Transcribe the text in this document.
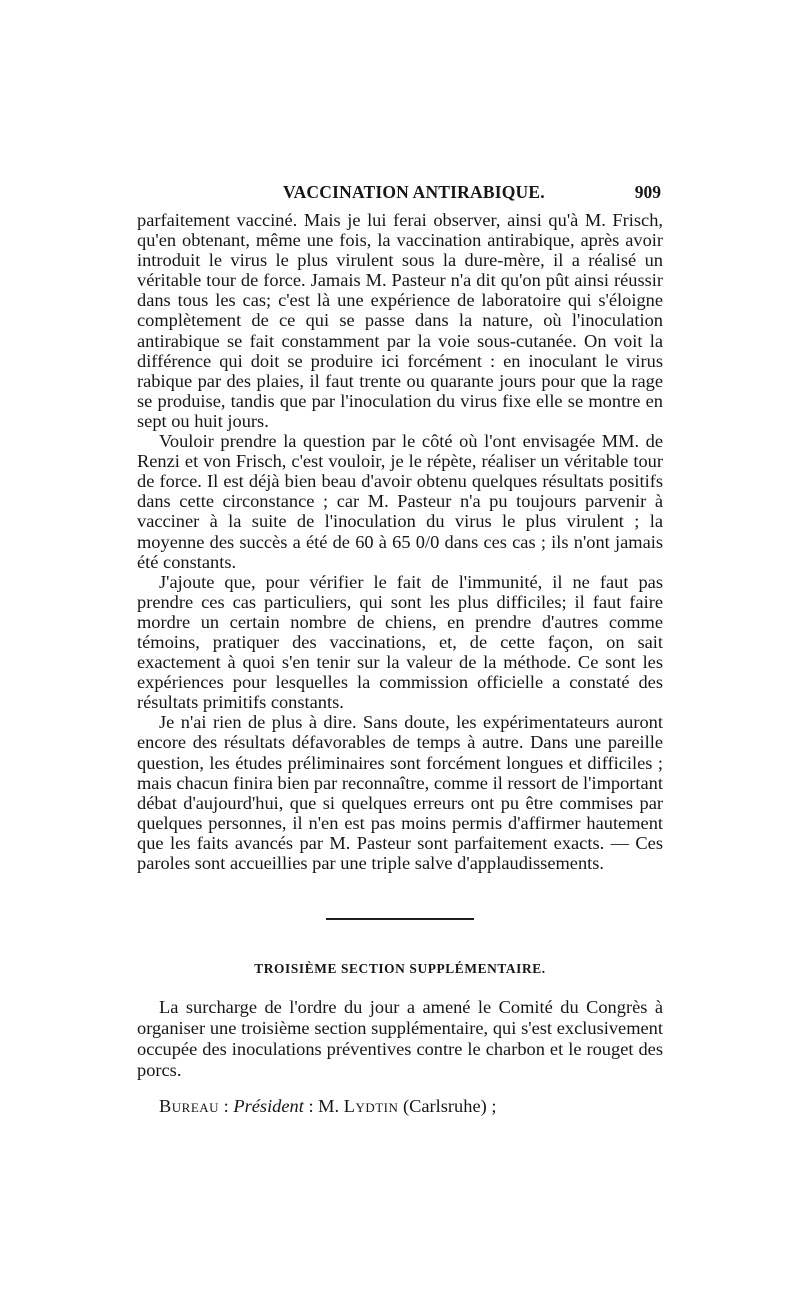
VACCINATION ANTIRABIQUE.	909

parfaitement vacciné. Mais je lui ferai observer, ainsi qu'à M. Frisch, qu'en obtenant, même une fois, la vaccination antirabique, après avoir introduit le virus le plus virulent sous la dure-mère, il a réalisé un véritable tour de force. Jamais M. Pasteur n'a dit qu'on pût ainsi réussir dans tous les cas; c'est là une expérience de laboratoire qui s'éloigne complètement de ce qui se passe dans la nature, où l'inoculation antirabique se fait constamment par la voie sous-cutanée. On voit la différence qui doit se produire ici forcément : en inoculant le virus rabique par des plaies, il faut trente ou quarante jours pour que la rage se produise, tandis que par l'inoculation du virus fixe elle se montre en sept ou huit jours.

Vouloir prendre la question par le côté où l'ont envisagée MM. de Renzi et von Frisch, c'est vouloir, je le répète, réaliser un véritable tour de force. Il est déjà bien beau d'avoir obtenu quelques résultats positifs dans cette circonstance ; car M. Pasteur n'a pu toujours parvenir à vacciner à la suite de l'inoculation du virus le plus virulent ; la moyenne des succès a été de 60 à 65 0/0 dans ces cas ; ils n'ont jamais été constants.

J'ajoute que, pour vérifier le fait de l'immunité, il ne faut pas prendre ces cas particuliers, qui sont les plus difficiles; il faut faire mordre un certain nombre de chiens, en prendre d'autres comme témoins, pratiquer des vaccinations, et, de cette façon, on sait exactement à quoi s'en tenir sur la valeur de la méthode. Ce sont les expériences pour lesquelles la commission officielle a constaté des résultats primitifs constants.

Je n'ai rien de plus à dire. Sans doute, les expérimentateurs auront encore des résultats défavorables de temps à autre. Dans une pareille question, les études préliminaires sont forcément longues et difficiles ; mais chacun finira bien par reconnaître, comme il ressort de l'important débat d'aujourd'hui, que si quelques erreurs ont pu être commises par quelques personnes, il n'en est pas moins permis d'affirmer hautement que les faits avancés par M. Pasteur sont parfaitement exacts. — Ces paroles sont accueillies par une triple salve d'applaudissements.

TROISIÈME SECTION SUPPLÉMENTAIRE.

La surcharge de l'ordre du jour a amené le Comité du Congrès à organiser une troisième section supplémentaire, qui s'est exclusivement occupée des inoculations préventives contre le charbon et le rouget des porcs.

Bureau : Président : M. Lydtin (Carlsruhe) ;
